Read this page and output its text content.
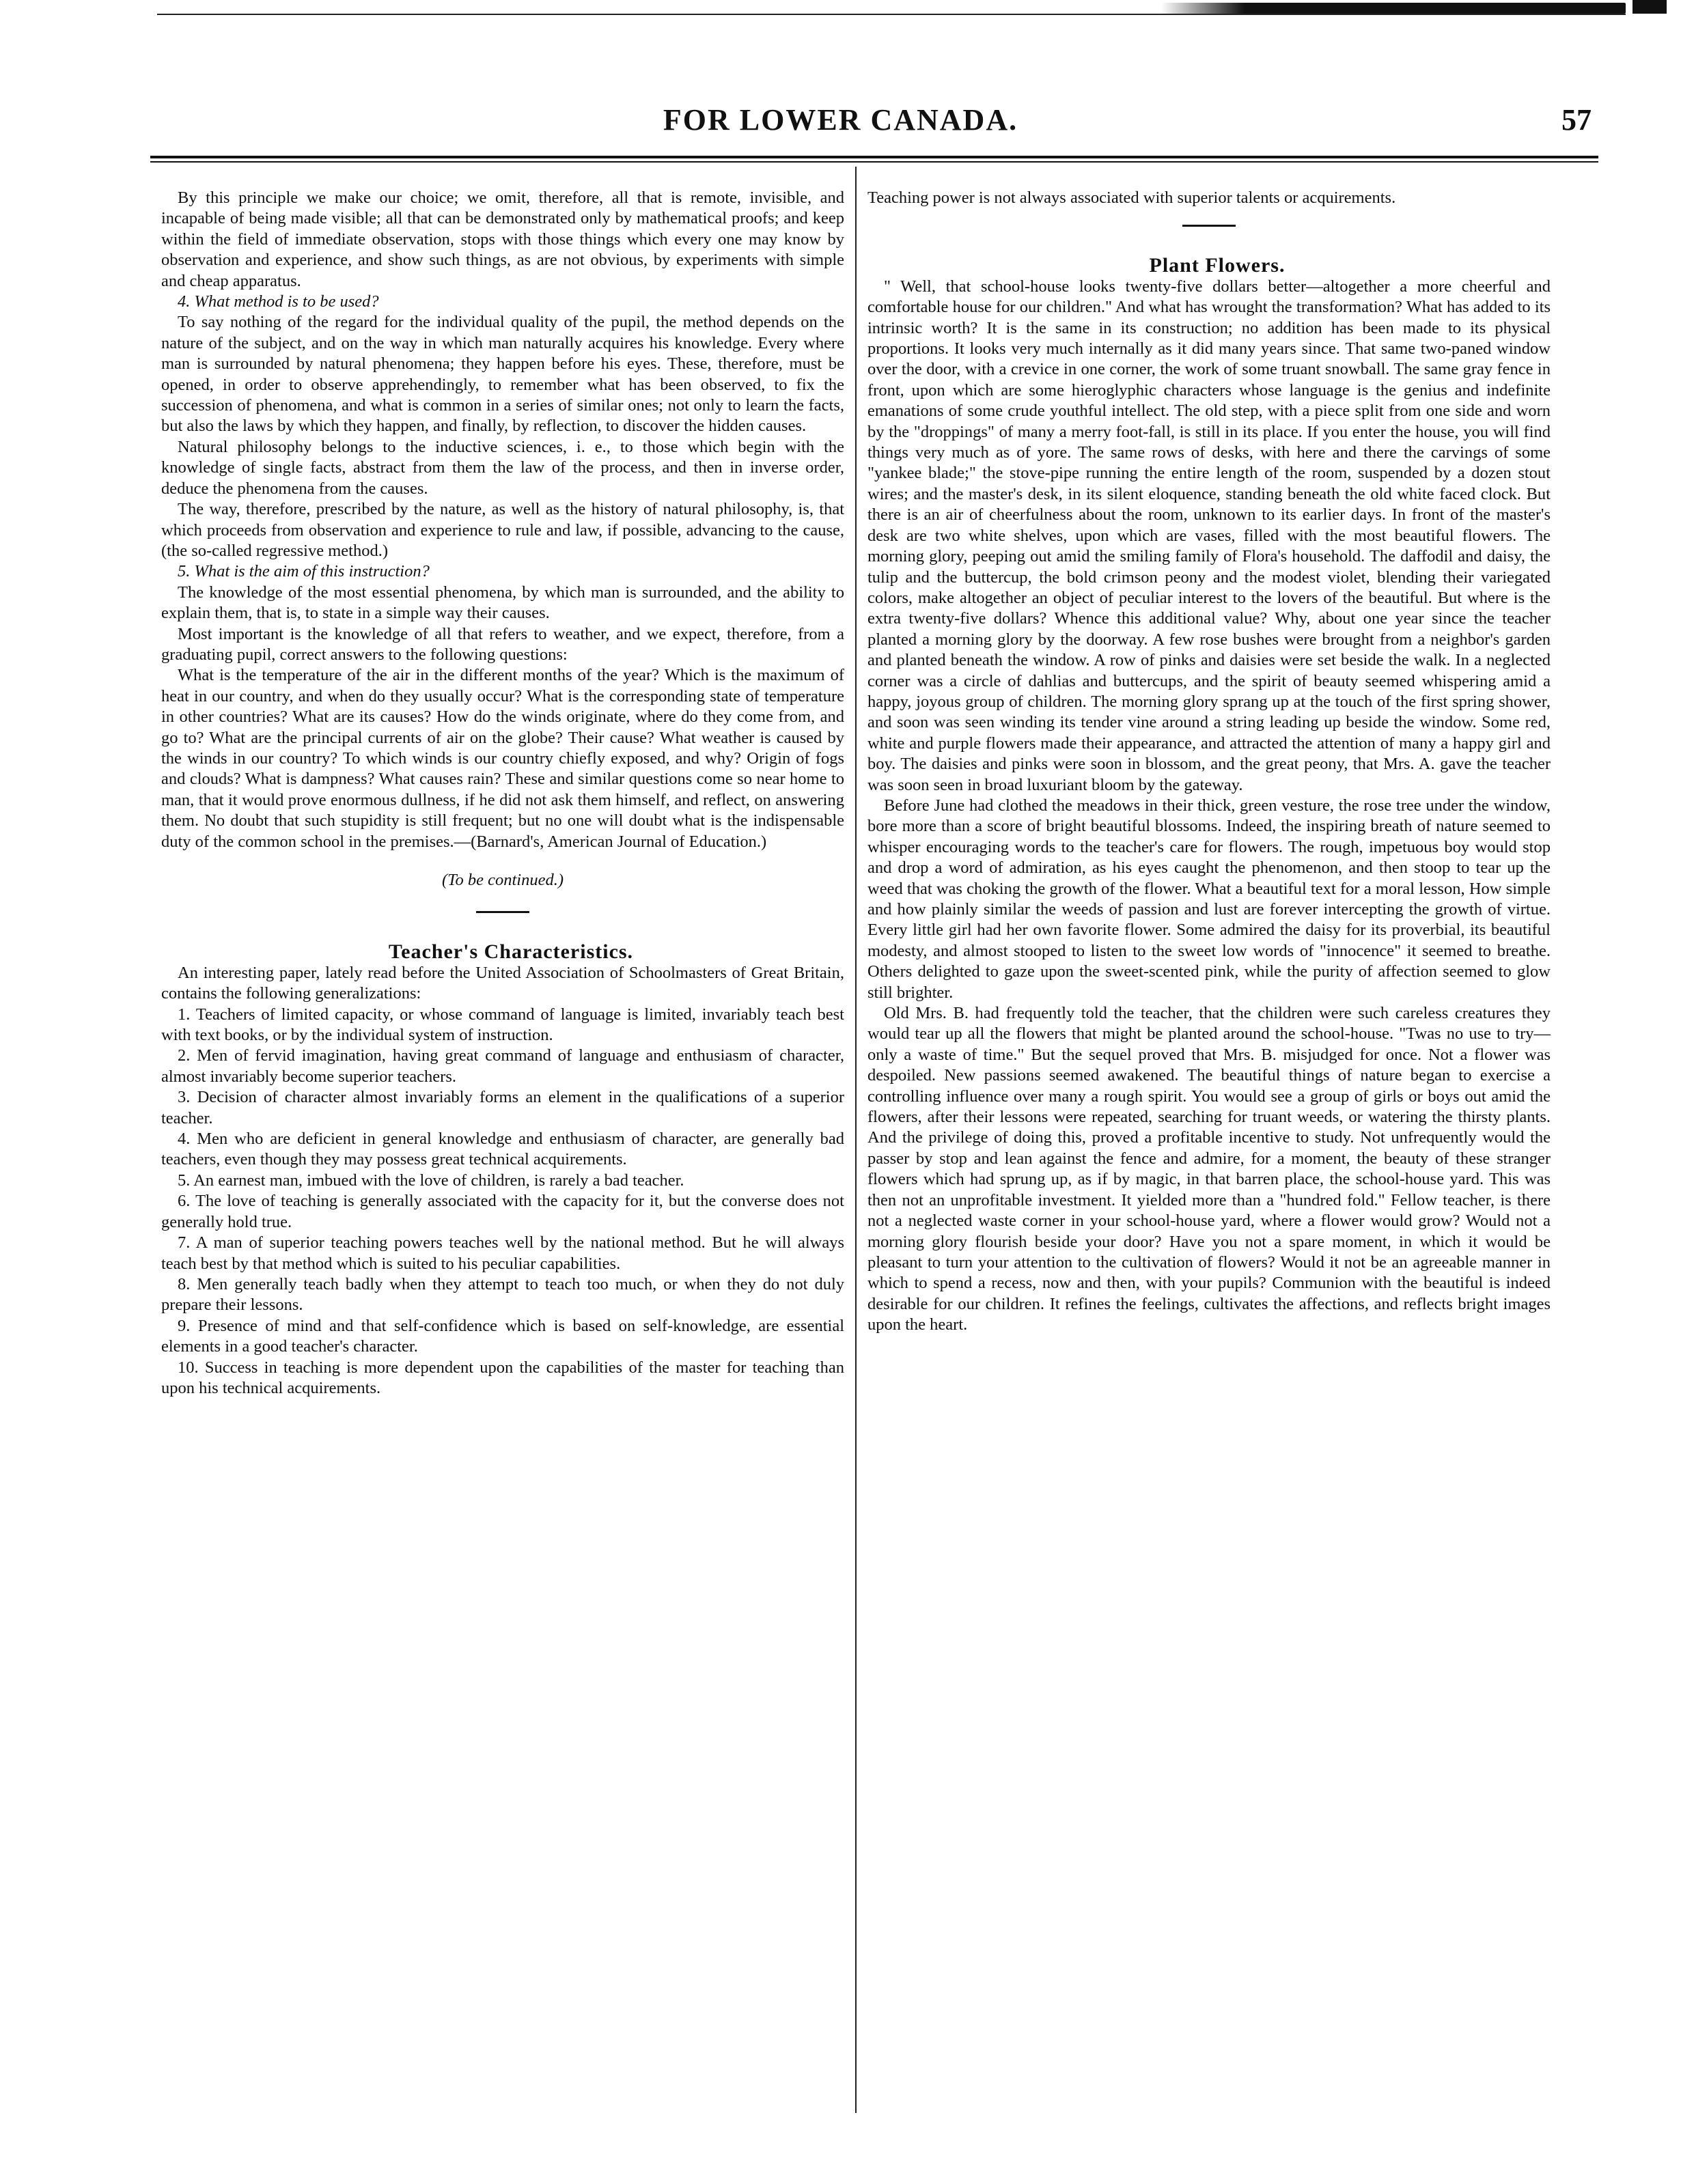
FOR LOWER CANADA.	57

By this principle we make our choice; we omit, therefore, all that is remote, invisible, and incapable of being made visible; all that can be demonstrated only by mathematical proofs; and keep within the field of immediate observation, stops with those things which every one may know by observation and experience, and show such things, as are not obvious, by experiments with simple and cheap apparatus.

4. What method is to be used?

To say nothing of the regard for the individual quality of the pupil, the method depends on the nature of the subject, and on the way in which man naturally acquires his knowledge. Every where man is surrounded by natural phenomena; they happen before his eyes. These, therefore, must be opened, in order to observe apprehendingly, to remember what has been observed, to fix the succession of phenomena, and what is common in a series of similar ones; not only to learn the facts, but also the laws by which they happen, and finally, by reflection, to discover the hidden causes.

Natural philosophy belongs to the inductive sciences, i. e., to those which begin with the knowledge of single facts, abstract from them the law of the process, and then in inverse order, deduce the phenomena from the causes.

The way, therefore, prescribed by the nature, as well as the history of natural philosophy, is, that which proceeds from observation and experience to rule and law, if possible, advancing to the cause, (the so-called regressive method.)

5. What is the aim of this instruction?

The knowledge of the most essential phenomena, by which man is surrounded, and the ability to explain them, that is, to state in a simple way their causes.

Most important is the knowledge of all that refers to weather, and we expect, therefore, from a graduating pupil, correct answers to the following questions:

What is the temperature of the air in the different months of the year? Which is the maximum of heat in our country, and when do they usually occur? What is the corresponding state of temperature in other countries? What are its causes? How do the winds originate, where do they come from, and go to? What are the principal currents of air on the globe? Their cause? What weather is caused by the winds in our country? To which winds is our country chiefly exposed, and why? Origin of fogs and clouds? What is dampness? What causes rain? These and similar questions come so near home to man, that it would prove enormous dullness, if he did not ask them himself, and reflect, on answering them. No doubt that such stupidity is still frequent; but no one will doubt what is the indispensable duty of the common school in the premises.—(Barnard's, American Journal of Education.)

(To be continued.)

Teacher's Characteristics.

An interesting paper, lately read before the United Association of Schoolmasters of Great Britain, contains the following generalizations:

1. Teachers of limited capacity, or whose command of language is limited, invariably teach best with text books, or by the individual system of instruction.

2. Men of fervid imagination, having great command of language and enthusiasm of character, almost invariably become superior teachers.

3. Decision of character almost invariably forms an element in the qualifications of a superior teacher.

4. Men who are deficient in general knowledge and enthusiasm of character, are generally bad teachers, even though they may possess great technical acquirements.

5. An earnest man, imbued with the love of children, is rarely a bad teacher.

6. The love of teaching is generally associated with the capacity for it, but the converse does not generally hold true.

7. A man of superior teaching powers teaches well by the national method. But he will always teach best by that method which is suited to his peculiar capabilities.

8. Men generally teach badly when they attempt to teach too much, or when they do not duly prepare their lessons.

9. Presence of mind and that self-confidence which is based on self-knowledge, are essential elements in a good teacher's character.

10. Success in teaching is more dependent upon the capabilities of the master for teaching than upon his technical acquirements.

Teaching power is not always associated with superior talents or acquirements.

Plant Flowers.

" Well, that school-house looks twenty-five dollars better—altogether a more cheerful and comfortable house for our children." And what has wrought the transformation? What has added to its intrinsic worth? It is the same in its construction; no addition has been made to its physical proportions. It looks very much internally as it did many years since. That same two-paned window over the door, with a crevice in one corner, the work of some truant snowball. The same gray fence in front, upon which are some hieroglyphic characters whose language is the genius and indefinite emanations of some crude youthful intellect. The old step, with a piece split from one side and worn by the "droppings" of many a merry foot-fall, is still in its place. If you enter the house, you will find things very much as of yore. The same rows of desks, with here and there the carvings of some "yankee blade;" the stove-pipe running the entire length of the room, suspended by a dozen stout wires; and the master's desk, in its silent eloquence, standing beneath the old white faced clock. But there is an air of cheerfulness about the room, unknown to its earlier days. In front of the master's desk are two white shelves, upon which are vases, filled with the most beautiful flowers. The morning glory, peeping out amid the smiling family of Flora's household. The daffodil and daisy, the tulip and the buttercup, the bold crimson peony and the modest violet, blending their variegated colors, make altogether an object of peculiar interest to the lovers of the beautiful. But where is the extra twenty-five dollars? Whence this additional value? Why, about one year since the teacher planted a morning glory by the doorway. A few rose bushes were brought from a neighbor's garden and planted beneath the window. A row of pinks and daisies were set beside the walk. In a neglected corner was a circle of dahlias and buttercups, and the spirit of beauty seemed whispering amid a happy, joyous group of children. The morning glory sprang up at the touch of the first spring shower, and soon was seen winding its tender vine around a string leading up beside the window. Some red, white and purple flowers made their appearance, and attracted the attention of many a happy girl and boy. The daisies and pinks were soon in blossom, and the great peony, that Mrs. A. gave the teacher was soon seen in broad luxuriant bloom by the gateway.

Before June had clothed the meadows in their thick, green vesture, the rose tree under the window, bore more than a score of bright beautiful blossoms. Indeed, the inspiring breath of nature seemed to whisper encouraging words to the teacher's care for flowers. The rough, impetuous boy would stop and drop a word of admiration, as his eyes caught the phenomenon, and then stoop to tear up the weed that was choking the growth of the flower. What a beautiful text for a moral lesson, How simple and how plainly similar the weeds of passion and lust are forever intercepting the growth of virtue. Every little girl had her own favorite flower. Some admired the daisy for its proverbial, its beautiful modesty, and almost stooped to listen to the sweet low words of "innocence" it seemed to breathe. Others delighted to gaze upon the sweet-scented pink, while the purity of affection seemed to glow still brighter.

Old Mrs. B. had frequently told the teacher, that the children were such careless creatures they would tear up all the flowers that might be planted around the school-house. "Twas no use to try—only a waste of time." But the sequel proved that Mrs. B. misjudged for once. Not a flower was despoiled. New passions seemed awakened. The beautiful things of nature began to exercise a controlling influence over many a rough spirit. You would see a group of girls or boys out amid the flowers, after their lessons were repeated, searching for truant weeds, or watering the thirsty plants. And the privilege of doing this, proved a profitable incentive to study. Not unfrequently would the passer by stop and lean against the fence and admire, for a moment, the beauty of these stranger flowers which had sprung up, as if by magic, in that barren place, the school-house yard. This was then not an unprofitable investment. It yielded more than a "hundred fold." Fellow teacher, is there not a neglected waste corner in your school-house yard, where a flower would grow? Would not a morning glory flourish beside your door? Have you not a spare moment, in which it would be pleasant to turn your attention to the cultivation of flowers? Would it not be an agreeable manner in which to spend a recess, now and then, with your pupils? Communion with the beautiful is indeed desirable for our children. It refines the feelings, cultivates the affections, and reflects bright images upon the heart.
